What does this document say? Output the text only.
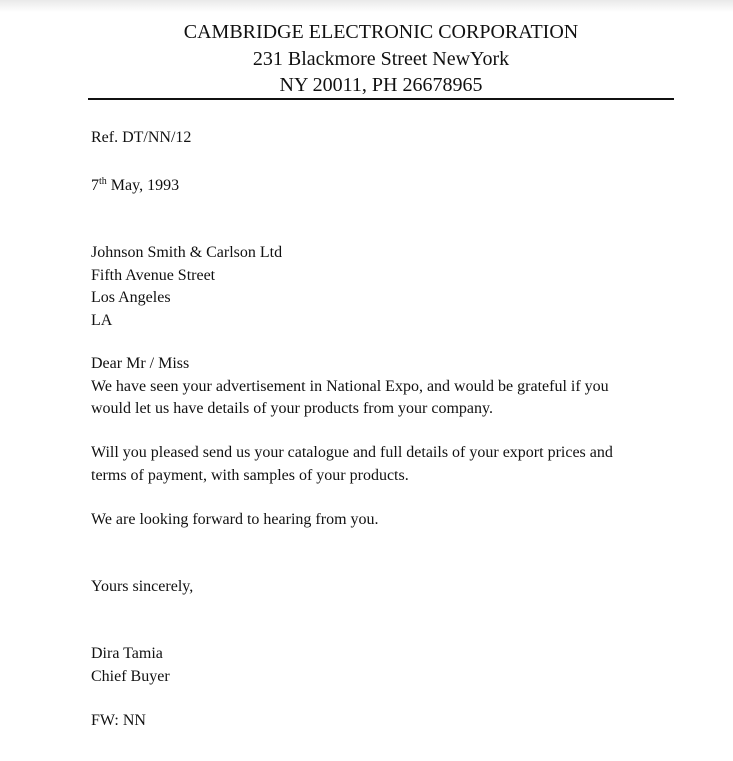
CAMBRIDGE ELECTRONIC CORPORATION
231 Blackmore Street NewYork
NY 20011, PH 26678965
Ref. DT/NN/12
7th May, 1993
Johnson Smith & Carlson Ltd
Fifth Avenue Street
Los Angeles
LA
Dear Mr / Miss
We have seen your advertisement in National Expo, and would be grateful if you
would let us have details of your products from your company.
Will you pleased send us your catalogue and full details of your export prices and
terms of payment, with samples of your products.
We are looking forward to hearing from you.
Yours sincerely,
Dira Tamia
Chief Buyer
FW: NN
